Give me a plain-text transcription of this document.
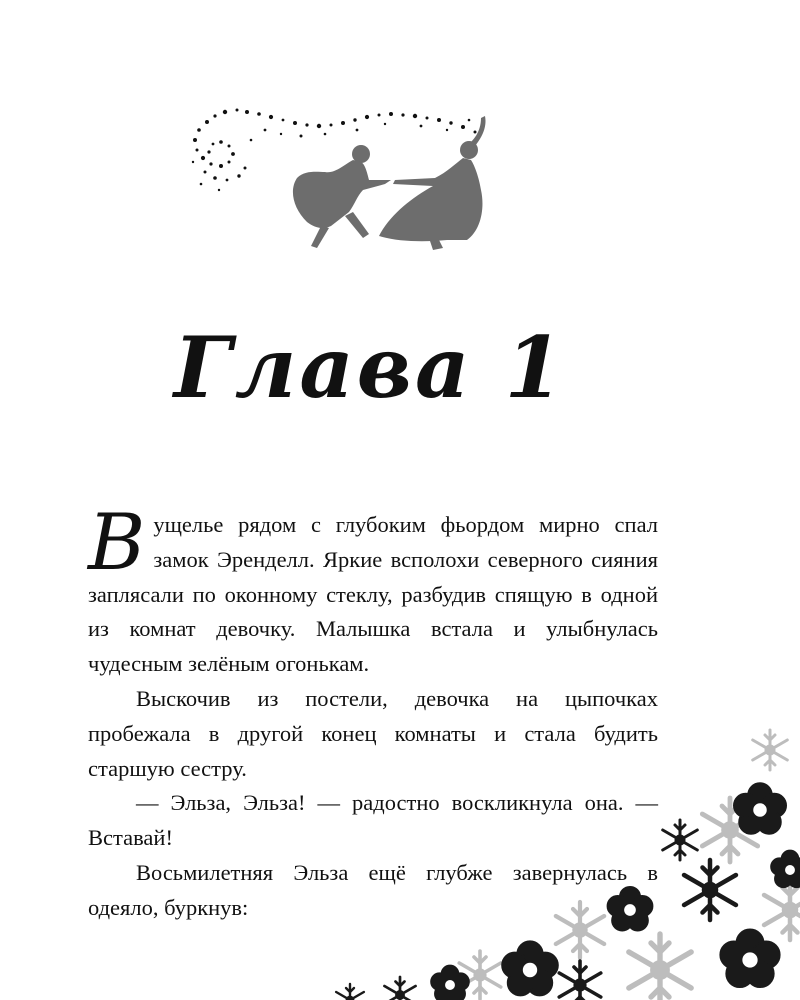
Глава 1

В ущелье рядом с глубоким фьордом мирно спал замок Эренделл. Яркие всполохи северного сияния заплясали по оконному стеклу, разбудив спящую в одной из комнат девочку. Малышка встала и улыбнулась чудесным зелёным огонькам.

Выскочив из постели, девочка на цыпочках пробежала в другой конец комнаты и стала будить старшую сестру.

— Эльза, Эльза! — радостно воскликнула она. — Вставай!

Восьмилетняя Эльза ещё глубже завернулась в одеяло, буркнув:
